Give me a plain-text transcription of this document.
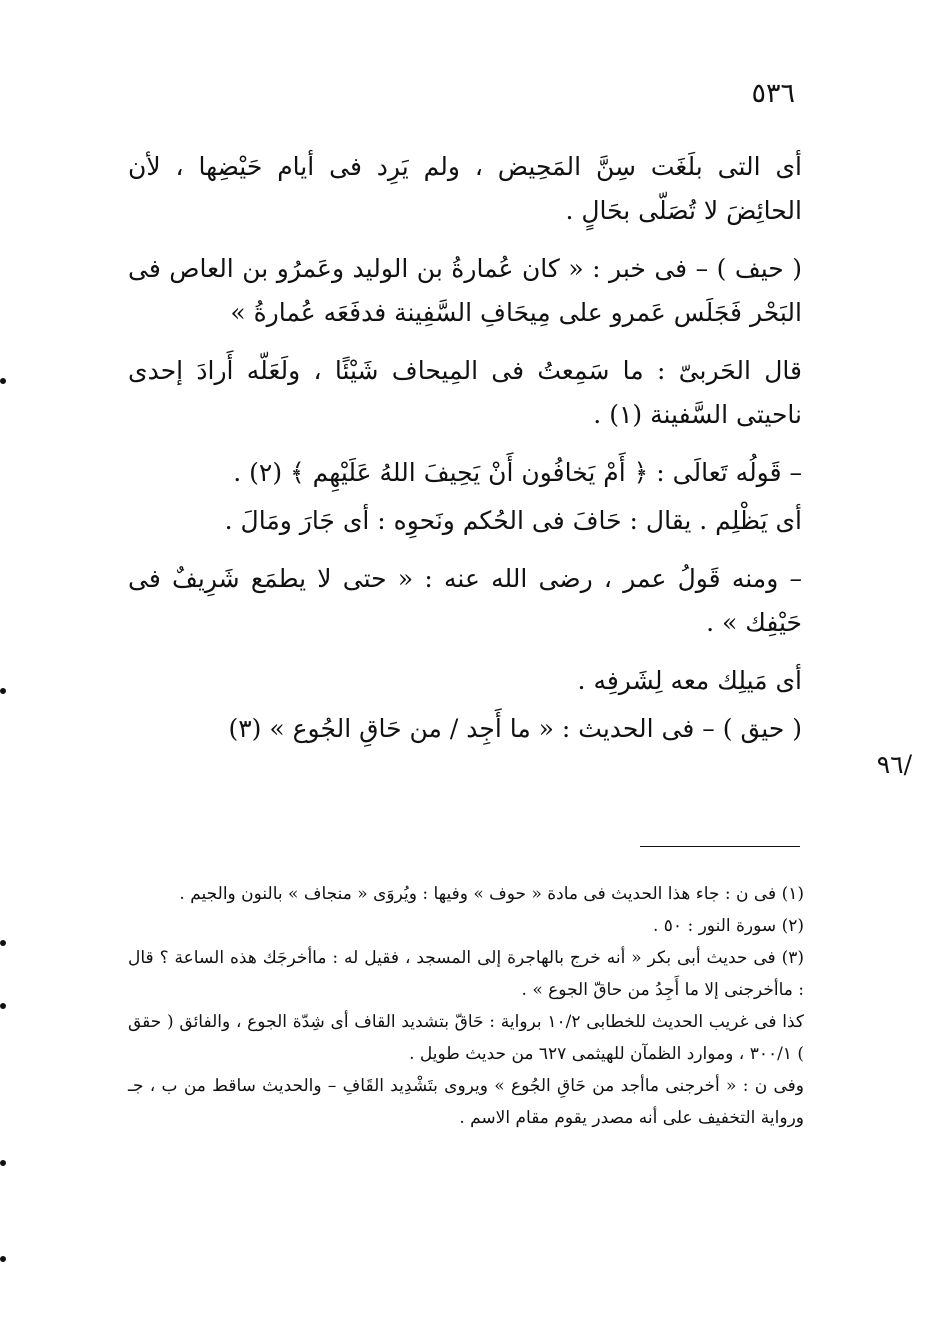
٥٣٦
/٩٦

أى التى بلَغَت سِنَّ المَحِيض ، ولم يَرِد فى أيام حَيْضِها ، لأن الحائِضَ لا تُصَلّى بحَالٍ .

( حيف ) – فى خبر : « كان عُمارةُ بن الوليد وعَمرُو بن العاص فى البَحْر فَجَلَس عَمرو على مِيحَافِ السَّفِينة فدفَعَه عُمارةُ »

قال الحَربىّ : ما سَمِعتُ فى المِيحاف شَيْئًا ، ولَعَلّه أَرادَ إحدى ناحيتى السَّفينة (١) .

– قَولُه تَعالَى : ﴿ أَمْ يَخافُون أَنْ يَحِيفَ اللهُ عَلَيْهِم ﴾ (٢) .

أى يَظْلِم . يقال : حَافَ فى الحُكم ونَحوِه : أى جَارَ ومَالَ .

– ومنه قَولُ عمر ، رضى الله عنه : « حتى لا يطمَع شَرِيفٌ فى حَيْفِك » .

أى مَيلِك معه لِشَرفِه .

( حيق ) – فى الحديث : « ما أَجِد / من حَاقِ الجُوع » (٣)

(١) فى ن : جاء هذا الحديث فى مادة « حوف » وفيها : ويُروَى « منجاف » بالنون والجيم .

(٢) سورة النور : ٥٠ .

(٣) فى حديث أبى بكر « أنه خرج بالهاجرة إلى المسجد ، فقيل له : ماأخرجَك هذه الساعة ؟ قال : ماأخرجنى إلا ما أَجِدُ من حاقّ الجوع » .

كذا فى غريب الحديث للخطابى ١٠/٢ برواية : حَاقّ بتشديد القاف أى شِدّة الجوع ، والفائق ( حقق ) ٣٠٠/١ ، وموارد الظمآن للهيثمى ٦٢٧ من حديث طويل .

وفى ن : « أخرجنى ماأجد من حَاقِ الجُوع » ويروى بتَشْدِيد القَافِ – والحديث ساقط من ب ، جـ ورواية التخفيف على أنه مصدر يقوم مقام الاسم .
